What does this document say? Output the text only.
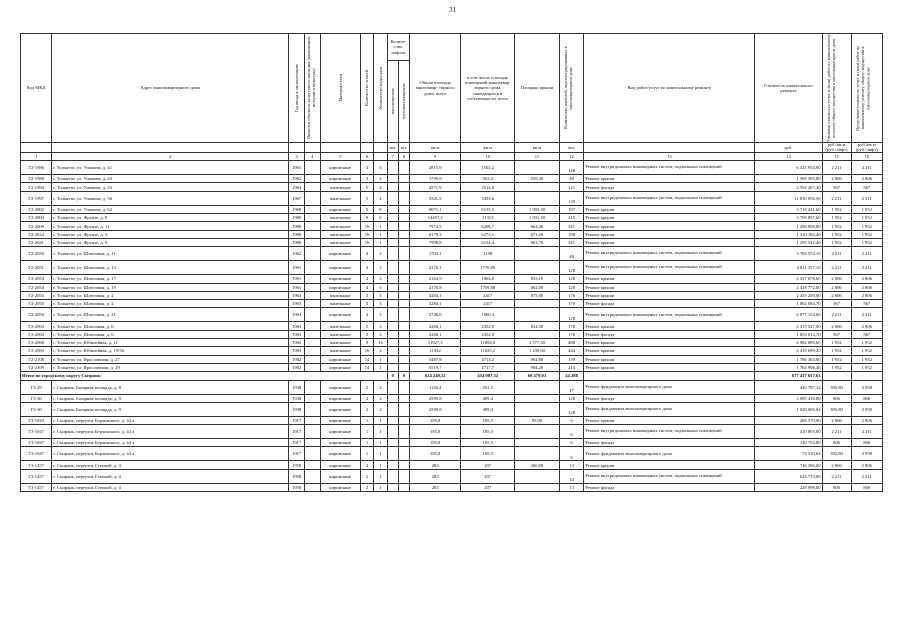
31
Код МКД	Адрес многоквартирного дома	Год ввода в эксплуатацию	Является объектом культурного наследия (памятником истории и культуры)	Материал стен	Количество этажей	Количество подъездов	Количе- ство лифтов		Общая площадь многоквар- тирного дома, всего	в том числе площадь помещений многоквар- тирного дома, находящихся в собственности, всего	Площадь крыши	Количество жителей, зарегистрированных в многоквартирном доме	Вид работ/услуг по капитальному ремонту	Стоимость капитального ремонта	Удельная стоимость услуг и (или) работ по капитальному ремонту общего имущества в многоквартирном доме	Предельная стоимость услуг и (или) работ по капитальному ремонту общего имущества в многоквартирном доме

							пассажирских	грузопассажирских								

							шт.	шт.	кв.м	кв.м	кв.м	чел.		руб.	руб./кв.м (руб./лифт)	руб./кв.м (руб./лифт)
1	2	3	4	5	6		7	8	9	10	11	12	13	14	15	16
Г2-1986	г. Тольятти, ул. Ушакова, д. 41	1961		кирпичные	3	3			2815,9	1502,2		128	Ремонт внутридомовых инженерных систем, подвальных помещений	6 325 954,90	2 211	2 211
Г2-1988	г. Тольятти, ул. Ушакова, д. 43	1962		кирпичные	3	2			1799,9	952,2	559,30	48	Ремонт крыши	1 569 395,80	2 806	2 806
Г2-1994	г. Тольятти, ул. Ушакова, д. 53	1964		панельные	5	4			4571,9	3514,6		121	Ремонт фасада	2 592 267,30	567	567
Г2-1997	г. Тольятти, ул. Ушакова, д. 56	1967		панельные	5	4			5341,5	3493,6		139	Ремонт внутридомовых инженерных систем, подвальных помещений	11 810 056,50	2 211	2 211
Г2-2002	г. Тольятти, ул. Ушакова, д. 62	1968		кирпичные	5	8			8071,1	6155,3	1 903,30	187	Ремонт крыши	3 715 241,60	1 952	1 952
Г2-2004	г. Тольятти, ул. Фрунзе, д. 8	1980		панельные	9	6			14457,2	11313	1 931,30	215	Ремонт крыши	3 769 897,60	1 952	1 952
Г2-2009	г. Тольятти, ул. Фрунзе, д. 11	1980		панельные	16	1			7974,5	6208,7	664,40	241	Ремонт крыши	1 296 908,80	1 952	1 952
Г2-2024	г. Тольятти, ул. Фрунзе, д. 3	1980		панельные	16	1			8179,3	6272,1	671,20	198	Ремонт крыши	1 310 182,40	1 952	1 952
Г2-2041	г. Тольятти, ул. Фрунзе, д. 9	1980		панельные	16	1			7998,8	6154,4	663,70	241	Ремонт крыши	1 295 542,40	1 952	1 952
Г2-2050	г. Тольятти, ул. Шлюзовая, д. 11	1962		кирпичные	4	2			1703,1	1198		48	Ремонт внутридомовых инженерных систем, подвальных помещений	3 765 554,10	2 211	2 211
Г2-2051	г. Тольятти, ул. Шлюзовая, д. 13	1961		кирпичные	4	3			2176,1	1770,09		128	Ремонт внутридомовых инженерных систем, подвальных помещений	4 811 357,10	2 211	2 211
Г2-2053	г. Тольятти, ул. Шлюзовая, д. 17	1961		кирпичные	4	3			2164,9	1864,8	833,10	128	Ремонт крыши	2 337 678,60	2 806	2 806
Г2-2054	г. Тольятти, ул. Шлюзовая, д. 19	1961		кирпичные	4	3			2176,8	1759,88	862,00	128	Ремонт крыши	2 418 772,00	2 806	2 806
Г2-2055	г. Тольятти, ул. Шлюзовая, д. 2	1963		панельные	5	3			3284,1	2417	875,00	176	Ремонт крыши	2 455 250,00	2 806	2 806
Г2-2055	г. Тольятти, ул. Шлюзовая, д. 2	1963		панельные	5	3			3284,1	2417		176	Ремонт фасада	1 862 084,70	567	567
Г2-2056	г. Тольятти, ул. Шлюзовая, д. 21	1964		кирпичные	4	3			2748,6	1860,3		128	Ремонт внутридомовых инженерных систем, подвальных помещений	6 077 154,60	2 211	2 211
Г2-2063	г. Тольятти, ул. Шлюзовая, д. 6	1963		панельные	5	3			3268,1	2352,8	824,50	176	Ремонт крыши	2 313 547,00	2 806	2 806
Г2-2063	г. Тольятти, ул. Шлюзовая, д. 6	1963		панельные	5	3			3268,1	2352,8		176	Ремонт фасада	1 853 012,70	567	567
Г2-2068	г. Тольятти, ул. Юбилейная, д. 11	1982		панельные	9	16			11927,3	11894,8	3 577,30	488	Ремонт крыши	6 982 889,60	1 952	1 952
Г2-2083	г. Тольятти, ул. Юбилейная, д. 19/56	1983		панельные	16	2			11942	11825,2	1 239,60	444	Ремонт крыши	2 419 699,20	1 952	1 952
Г2-2108	г. Тольятти, ул. Ярославская, д. 27	1982		кирпичные	14	1			5487,8	4713,2	904,90	139	Ремонт крыши	1 766 364,80	1 952	1 952
Г2-2109	г. Тольятти, ул. Ярославская, д. 29	1982		кирпичные	14	1			5519,7	4717,7	904,20	214	Ремонт крыши	1 764 998,40	1 952	1 952
Итого по городскому округу Сызрань:							0	0	624 249,12	454 007,32	60 479,03	24 288		677 437 657,63		
Г3-29	г. Сызрань, Базарная площадь, д. 8	1938		кирпичные	2	2			1136,4	501,5		47	Ремонт фундамента многоквартирного дома	449 787,12	395,80	3 958
Г3-30	г. Сызрань, Базарная площадь, д. 9	1938		кирпичные	2	2			2599,8	499,4		128	Ремонт фасада	3 095 438,80	806	806
Г3-30	г. Сызрань, Базарная площадь, д. 9	1938		кирпичные	2	2			2599,8	499,4		128	Ремонт фундамента многоквартирного дома	1 029 000,84	395,80	3 958
Г3-1043	г. Сызрань, переулок Берлинского, д. 44 а	1917		кирпичные	1	1			185,8	185,5	95,00	6	Ремонт крыши	266 570,00	2 806	2 806
Г3-1047	г. Сызрань, переулок Берлинского, д. 44 а	1917		кирпичные	1	1			185,8	185,5		6	Ремонт внутридомовых инженерных систем, подвальных помещений	410 803,80	2 211	2 211
Г3-1047	г. Сызрань, переулок Берлинского, д. 44 а	1917		кирпичные	1	1			185,8	185,5		6	Ремонт фасада	149 754,80	806	806
Г3-1047	г. Сызрань, переулок Берлинского, д. 44 а	1917		кирпичные	1	1			185,8	185,5		6	Ремонт фундамента многоквартирного дома	73 539,64	395,80	3 958
Г3-1457	г. Сызрань, переулок Степной, д. 4	1958		кирпичные	2	1			283	207	266,00	13	Ремонт крыши	746 396,00	2 806	2 806
Г3-1457	г. Сызрань, переулок Степной, д. 4	1958		кирпичные	2	1			283	207		13	Ремонт внутридомовых инженерных систем, подвальных помещений	625 713,00	2 211	2 211
Г3-1457	г. Сызрань, переулок Степной, д. 4	1958		кирпичные	2	1			283	207		13	Ремонт фасада	228 098,00	806	806
